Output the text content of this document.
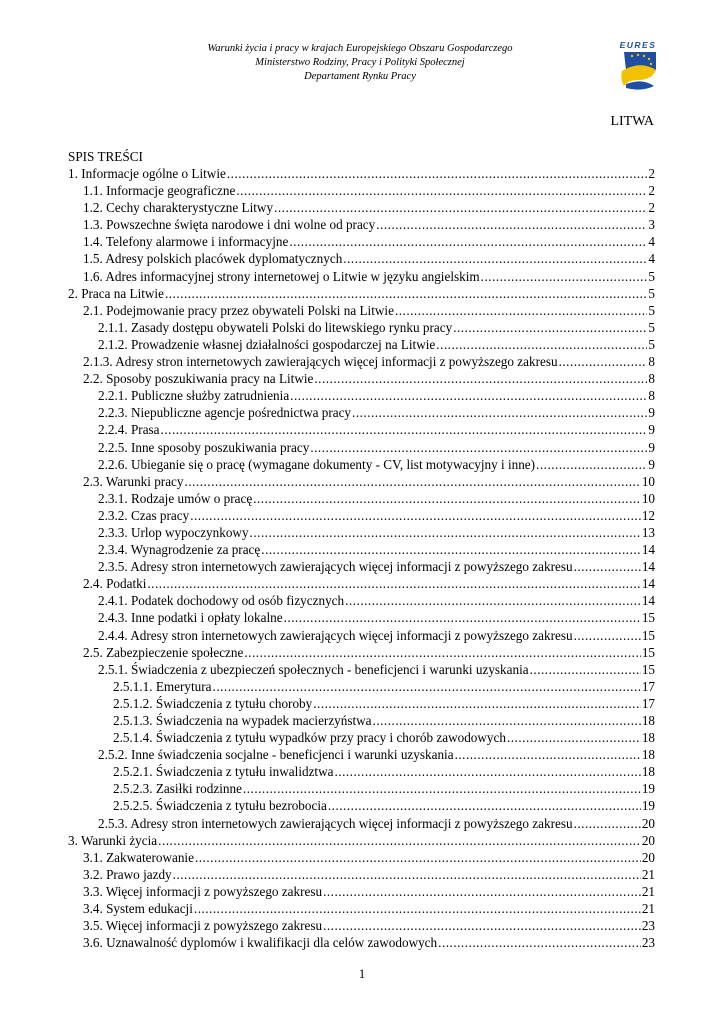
Warunki życia i pracy w krajach Europejskiego Obszaru Gospodarczego
Ministerstwo Rodziny, Pracy i Polityki Społecznej
Departament Rynku Pracy
EURES
LITWA
SPIS TREŚCI
1. Informacje ogólne o Litwie .....	2
1.1. Informacje geograficzne .....	2
1.2. Cechy charakterystyczne Litwy .....	2
1.3. Powszechne święta narodowe i dni wolne od pracy .....	3
1.4. Telefony alarmowe i informacyjne .....	4
1.5. Adresy polskich placówek dyplomatycznych .....	4
1.6. Adres informacyjnej strony internetowej o Litwie w języku angielskim .....	5
2. Praca na Litwie .....	5
2.1. Podejmowanie pracy przez obywateli Polski na Litwie .....	5
2.1.1. Zasady dostępu obywateli Polski do litewskiego rynku pracy .....	5
2.1.2. Prowadzenie własnej działalności gospodarczej na Litwie .....	5
2.1.3. Adresy stron internetowych zawierających więcej informacji z powyższego zakresu .....	8
2.2. Sposoby poszukiwania pracy na Litwie .....	8
2.2.1. Publiczne służby zatrudnienia .....	8
2.2.3. Niepubliczne agencje pośrednictwa pracy .....	9
2.2.4. Prasa .....	9
2.2.5. Inne sposoby poszukiwania pracy .....	9
2.2.6. Ubieganie się o pracę (wymagane dokumenty - CV, list motywacyjny i inne) .....	9
2.3. Warunki pracy .....	10
2.3.1. Rodzaje umów o pracę .....	10
2.3.2. Czas pracy .....	12
2.3.3. Urlop wypoczynkowy .....	13
2.3.4. Wynagrodzenie za pracę .....	14
2.3.5. Adresy stron internetowych zawierających więcej informacji z powyższego zakresu .....	14
2.4. Podatki .....	14
2.4.1. Podatek dochodowy od osób fizycznych .....	14
2.4.3. Inne podatki i opłaty lokalne .....	15
2.4.4. Adresy stron internetowych zawierających więcej informacji z powyższego zakresu .....	15
2.5. Zabezpieczenie społeczne .....	15
2.5.1. Świadczenia z ubezpieczeń społecznych - beneficjenci i warunki uzyskania .....	15
2.5.1.1. Emerytura .....	17
2.5.1.2. Świadczenia z tytułu choroby .....	17
2.5.1.3. Świadczenia na wypadek macierzyństwa .....	18
2.5.1.4. Świadczenia z tytułu wypadków przy pracy i chorób zawodowych .....	18
2.5.2. Inne świadczenia socjalne - beneficjenci i warunki uzyskania .....	18
2.5.2.1. Świadczenia z tytułu inwalidztwa .....	18
2.5.2.3. Zasiłki rodzinne .....	19
2.5.2.5. Świadczenia z tytułu bezrobocia .....	19
2.5.3. Adresy stron internetowych zawierających więcej informacji z powyższego zakresu .....	20
3. Warunki życia .....	20
3.1. Zakwaterowanie .....	20
3.2. Prawo jazdy .....	21
3.3. Więcej informacji z powyższego zakresu .....	21
3.4. System edukacji .....	21
3.5. Więcej informacji z powyższego zakresu .....	23
3.6. Uznawalność dyplomów i kwalifikacji dla celów zawodowych .....	23
1
